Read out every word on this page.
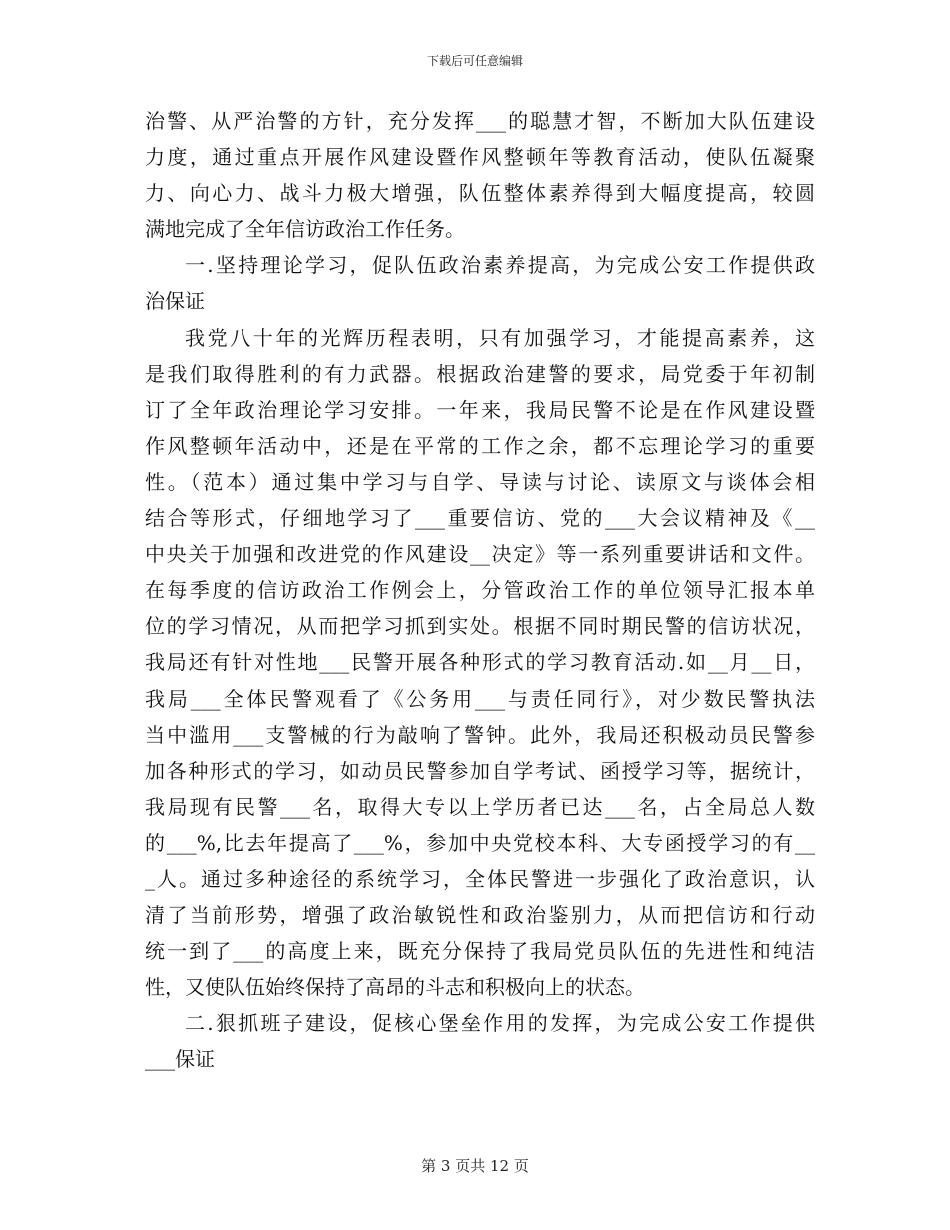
下载后可任意编辑
治警、从严治警的方针，充分发挥___的聪慧才智，不断加大队伍建设
力度，通过重点开展作风建设暨作风整顿年等教育活动，使队伍凝聚
力、向心力、战斗力极大增强，队伍整体素养得到大幅度提高，较圆
满地完成了全年信访政治工作任务。
一.坚持理论学习，促队伍政治素养提高，为完成公安工作提供政
治保证
我党八十年的光辉历程表明，只有加强学习，才能提高素养，这
是我们取得胜利的有力武器。根据政治建警的要求，局党委于年初制
订了全年政治理论学习安排。一年来，我局民警不论是在作风建设暨
作风整顿年活动中，还是在平常的工作之余，都不忘理论学习的重要
性。（范本）通过集中学习与自学、导读与讨论、读原文与谈体会相
结合等形式，仔细地学习了___重要信访、党的___大会议精神及《__
中央关于加强和改进党的作风建设__决定》等一系列重要讲话和文件。
在每季度的信访政治工作例会上，分管政治工作的单位领导汇报本单
位的学习情况，从而把学习抓到实处。根据不同时期民警的信访状况，
我局还有针对性地___民警开展各种形式的学习教育活动.如__月__日，
我局___全体民警观看了《公务用___与责任同行》，对少数民警执法
当中滥用___支警械的行为敲响了警钟。此外，我局还积极动员民警参
加各种形式的学习，如动员民警参加自学考试、函授学习等，据统计，
我局现有民警___名，取得大专以上学历者已达___名，占全局总人数
的___%,比去年提高了___%，参加中央党校本科、大专函授学习的有__
_人。通过多种途径的系统学习，全体民警进一步强化了政治意识，认
清了当前形势，增强了政治敏锐性和政治鉴别力，从而把信访和行动
统一到了___的高度上来，既充分保持了我局党员队伍的先进性和纯洁
性，又使队伍始终保持了高昂的斗志和积极向上的状态。
二.狠抓班子建设，促核心堡垒作用的发挥，为完成公安工作提供
___保证
第 3 页共 12 页
